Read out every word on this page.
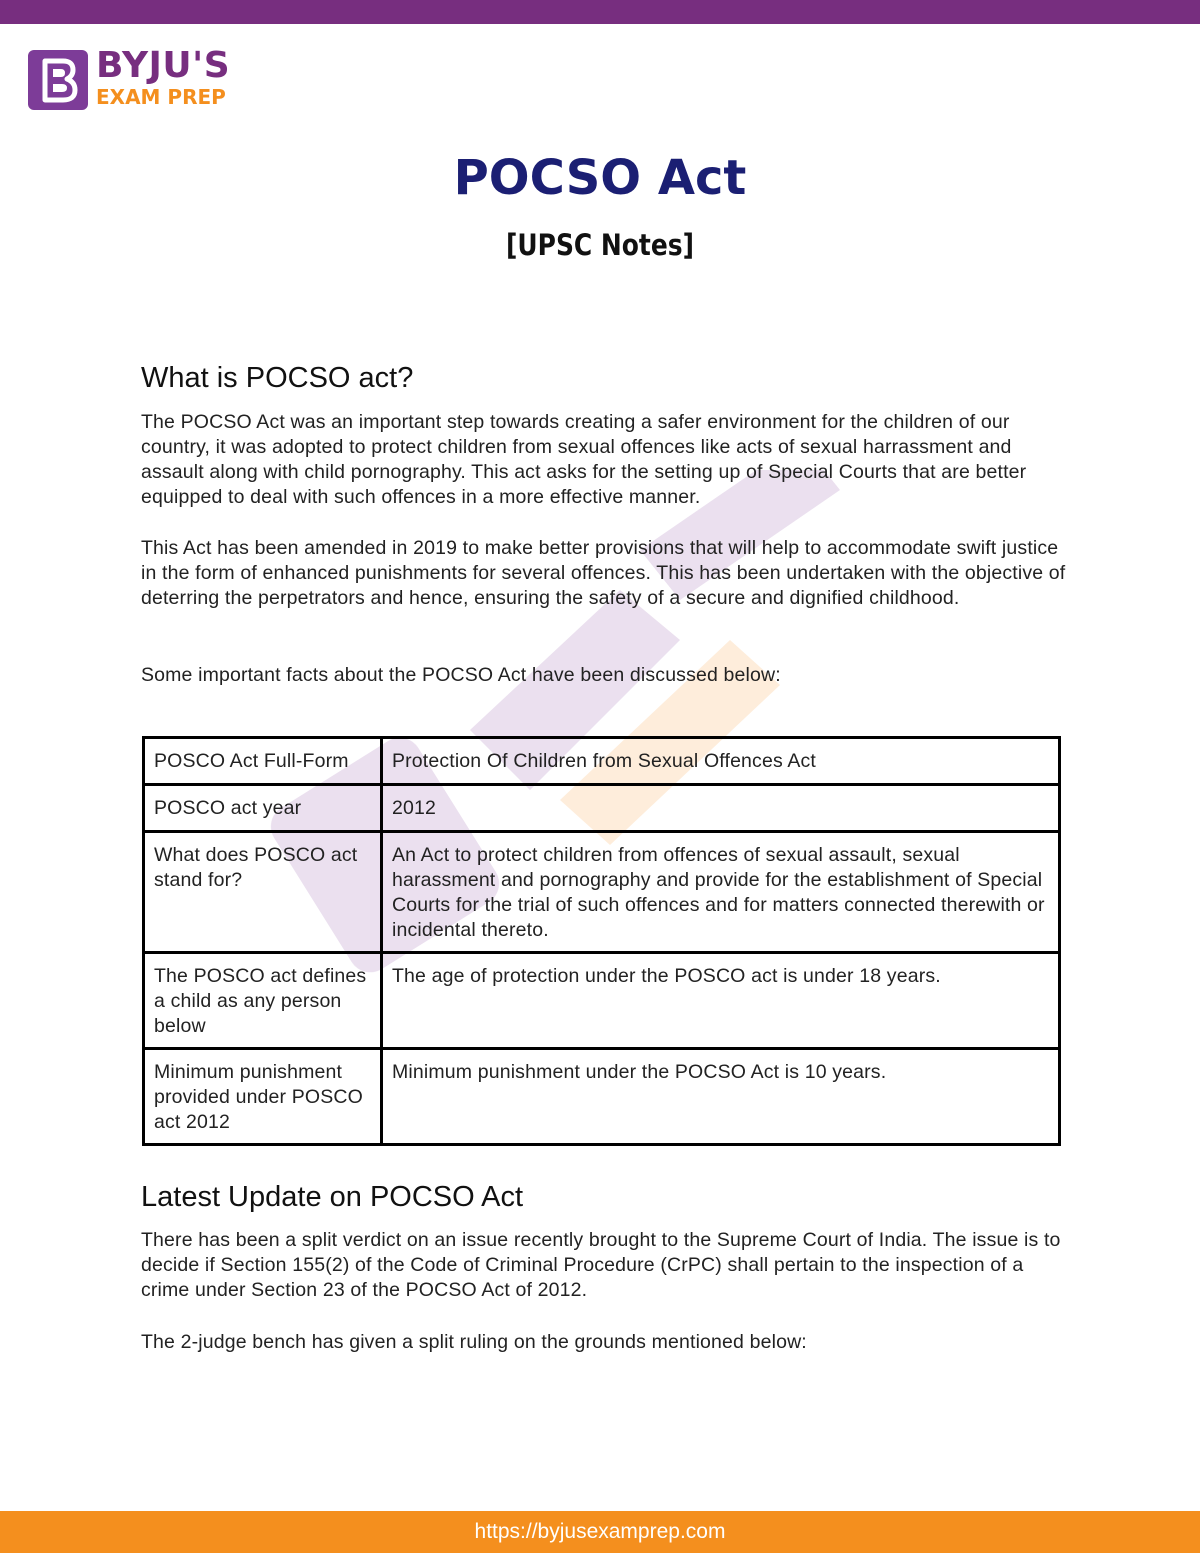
BYJU'S
EXAM PREP
POCSO Act
[UPSC Notes]
What is POCSO act?

The POCSO Act was an important step towards creating a safer environment for the children of our country, it was adopted to protect children from sexual offences like acts of sexual harrassment and assault along with child pornography. This act asks for the setting up of Special Courts that are better equipped to deal with such offences in a more effective manner.

This Act has been amended in 2019 to make better provisions that will help to accommodate swift justice in the form of enhanced punishments for several offences. This has been undertaken with the objective of deterring the perpetrators and hence, ensuring the safety of a secure and dignified childhood.

Some important facts about the POCSO Act have been discussed below:

POSCO Act Full-Form	Protection Of Children from Sexual Offences Act
POSCO act year	2012
What does POSCO act stand for?	An Act to protect children from offences of sexual assault, sexual harassment and pornography and provide for the establishment of Special Courts for the trial of such offences and for matters connected therewith or incidental thereto.
The POSCO act defines a child as any person below	The age of protection under the POSCO act is under 18 years.
Minimum punishment provided under POSCO act 2012	Minimum punishment under the POCSO Act is 10 years.
Latest Update on POCSO Act

There has been a split verdict on an issue recently brought to the Supreme Court of India. The issue is to decide if Section 155(2) of the Code of Criminal Procedure (CrPC) shall pertain to the inspection of a crime under Section 23 of the POCSO Act of 2012.

The 2-judge bench has given a split ruling on the grounds mentioned below:

https://byjusexamprep.com
